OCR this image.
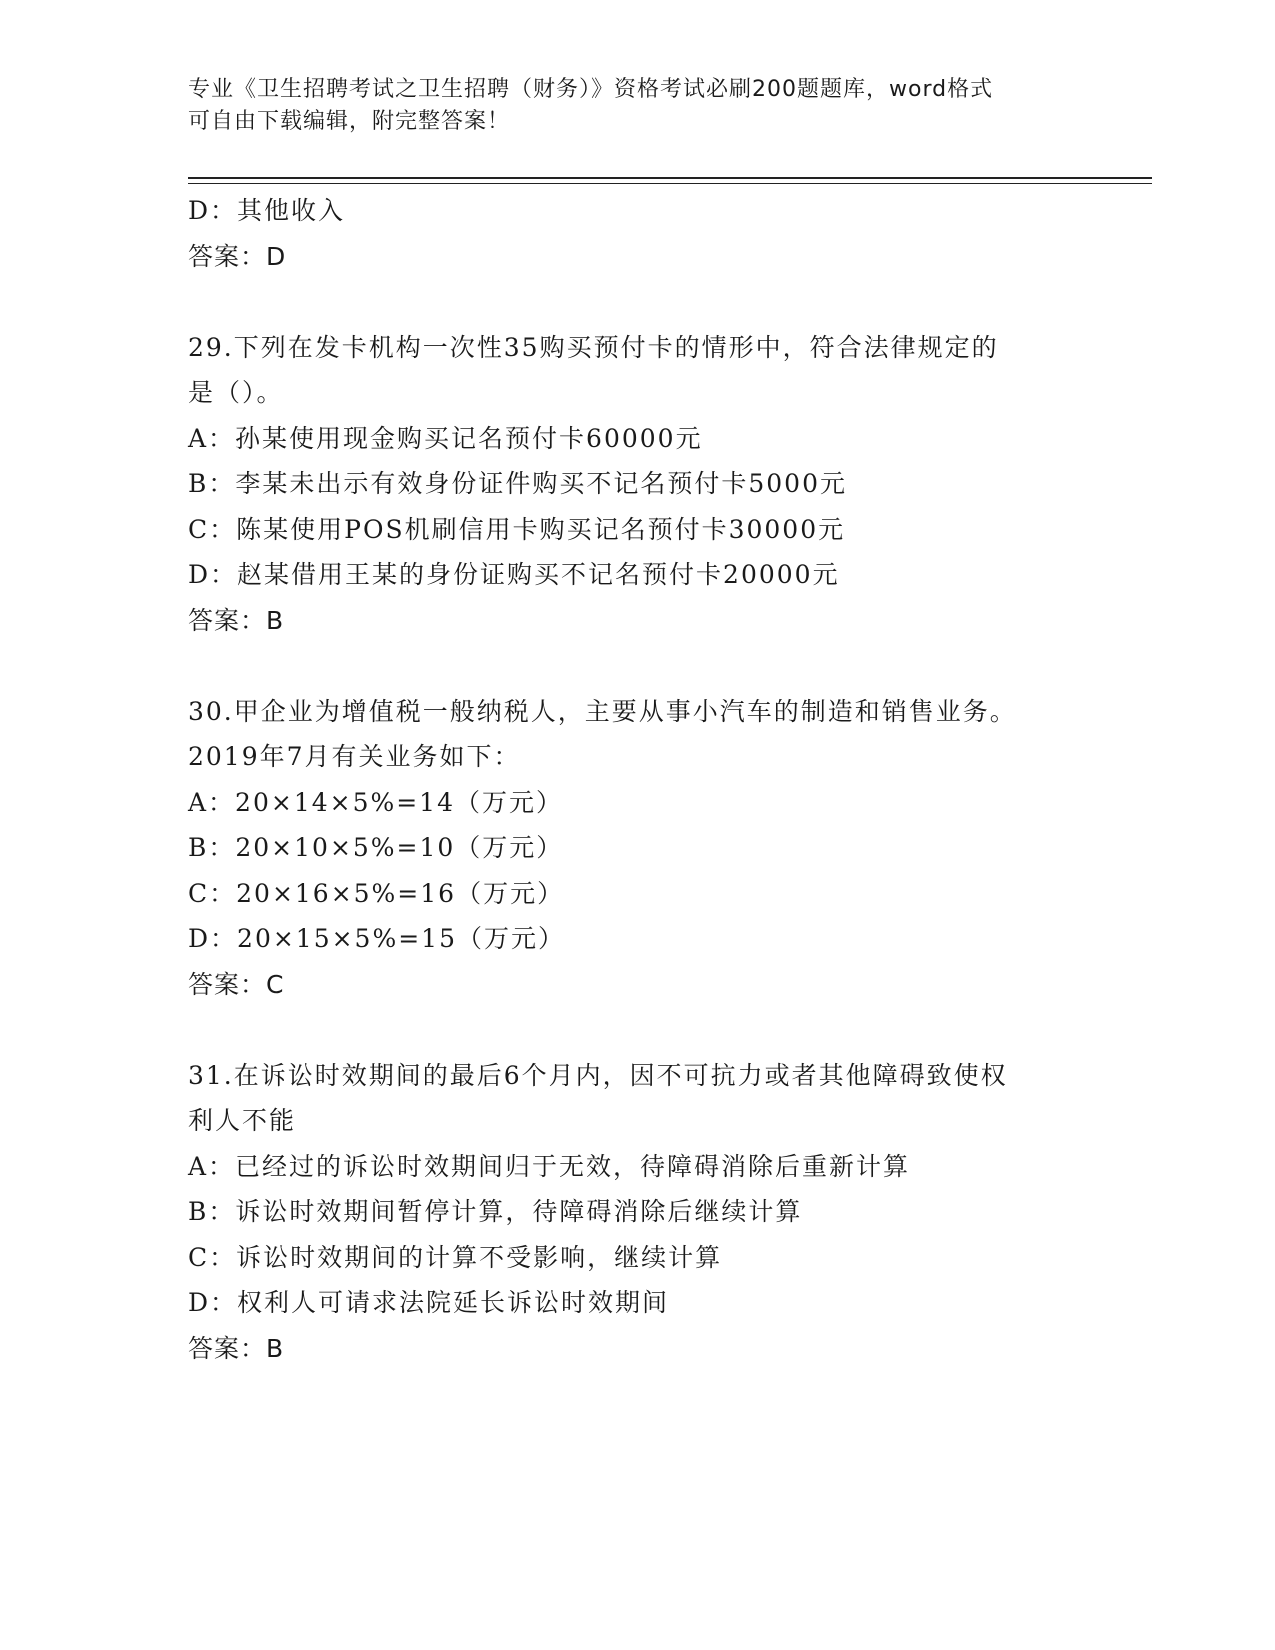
专业《卫生招聘考试之卫生招聘（财务）》资格考试必刷200题题库，word格式
可自由下载编辑，附完整答案！
D：其他收入
答案：D
29.下列在发卡机构一次性35购买预付卡的情形中，符合法律规定的
是（）。
A：孙某使用现金购买记名预付卡60000元
B：李某未出示有效身份证件购买不记名预付卡5000元
C：陈某使用POS机刷信用卡购买记名预付卡30000元
D：赵某借用王某的身份证购买不记名预付卡20000元
答案：B
30.甲企业为增值税一般纳税人，主要从事小汽车的制造和销售业务。
2019年7月有关业务如下：
A：20×14×5%=14（万元）
B：20×10×5%=10（万元）
C：20×16×5%=16（万元）
D：20×15×5%=15（万元）
答案：C
31.在诉讼时效期间的最后6个月内，因不可抗力或者其他障碍致使权
利人不能
A：已经过的诉讼时效期间归于无效，待障碍消除后重新计算
B：诉讼时效期间暂停计算，待障碍消除后继续计算
C：诉讼时效期间的计算不受影响，继续计算
D：权利人可请求法院延长诉讼时效期间
答案：B
